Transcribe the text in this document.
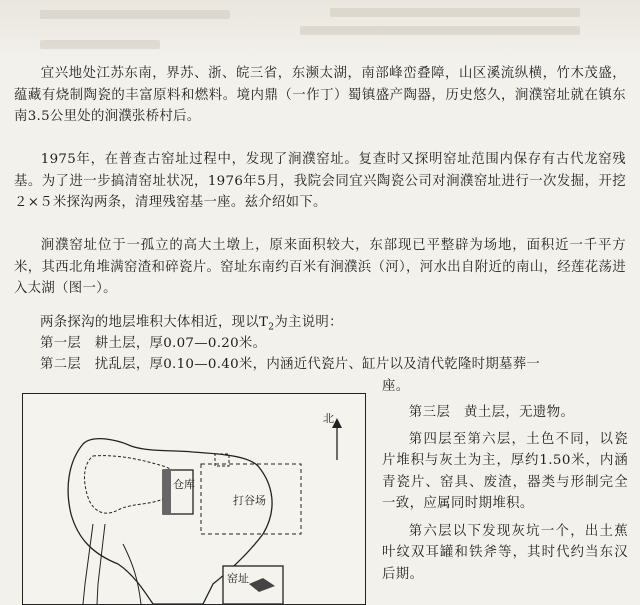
宜兴地处江苏东南，界苏、浙、皖三省，东濒太湖，南部峰峦叠障，山区溪流纵横，竹木茂盛，蕴藏有烧制陶瓷的丰富原料和燃料。境内鼎（一作丁）蜀镇盛产陶器，历史悠久，涧濮窑址就在镇东南3.5公里处的涧濮张桥村后。

1975年，在普查古窑址过程中，发现了涧濮窑址。复查时又探明窑址范围内保存有古代龙窑残基。为了进一步搞清窑址状况，1976年5月，我院会同宜兴陶瓷公司对涧濮窑址进行一次发掘，开挖２×５米探沟两条，清理残窑基一座。兹介绍如下。

涧濮窑址位于一孤立的高大土墩上，原来面积较大，东部现已平整辟为场地，面积近一千平方米，其西北角堆满窑渣和碎瓷片。窑址东南约百米有涧濮浜（河），河水出自附近的南山，经莲花荡进入太湖（图一）。

两条探沟的地层堆积大体相近，现以$T_2$为主说明：
第一层　耕土层，厚0.07—0.20米。
第二层　扰乱层，厚0.10—0.40米，内涵近代瓷片、缸片以及清代乾隆时期墓葬一
座。

第三层　黄土层，无遗物。

第四层至第六层，土色不同，以瓷片堆积与灰土为主，厚约1.50米，内涵青瓷片、窑具、废渣，器类与形制完全一致，应属同时期堆积。

第六层以下发现灰坑一个，出土蕉叶纹双耳罐和铁斧等，其时代约当东汉后期。

北
仓库
打谷场
窑址
